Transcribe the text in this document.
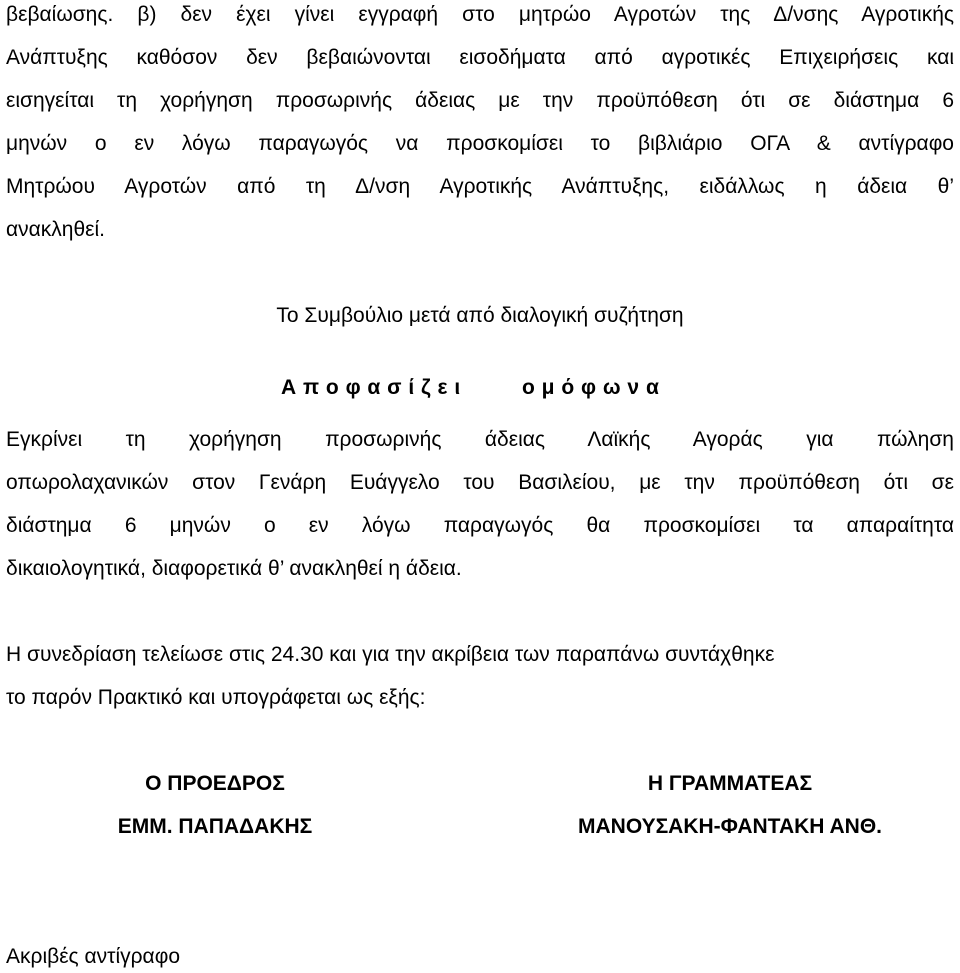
βεβαίωσης. β) δεν έχει γίνει εγγραφή στο μητρώο Αγροτών της Δ/νσης Αγροτικής
Ανάπτυξης καθόσον δεν βεβαιώνονται εισοδήματα από αγροτικές Επιχειρήσεις και
εισηγείται τη χορήγηση προσωρινής άδειας με την προϋπόθεση ότι σε διάστημα 6
μηνών ο εν λόγω παραγωγός να προσκομίσει το βιβλιάριο ΟΓΑ & αντίγραφο
Μητρώου Αγροτών από τη Δ/νση Αγροτικής Ανάπτυξης, ειδάλλως η άδεια θ’
ανακληθεί.
Το Συμβούλιο μετά από διαλογική συζήτηση
Α π ο φ α σ ί ζ ε ι	ο μ ό φ ω ν α
Εγκρίνει τη χορήγηση προσωρινής άδειας Λαϊκής Αγοράς για πώληση
οπωρολαχανικών στον Γενάρη Ευάγγελο του Βασιλείου, με την προϋπόθεση ότι σε
διάστημα 6 μηνών ο εν λόγω παραγωγός θα προσκομίσει τα απαραίτητα
δικαιολογητικά, διαφορετικά θ’ ανακληθεί η άδεια.
Η συνεδρίαση τελείωσε στις 24.30 και για την ακρίβεια των παραπάνω συντάχθηκε
το παρόν Πρακτικό και υπογράφεται ως εξής:
Ο ΠΡΟΕΔΡΟΣ
ΕΜΜ. ΠΑΠΑΔΑΚΗΣ
Η ΓΡΑΜΜΑΤΕΑΣ
ΜΑΝΟΥΣΑΚΗ-ΦΑΝΤΑΚΗ ΑΝΘ.
Ακριβές αντίγραφο
